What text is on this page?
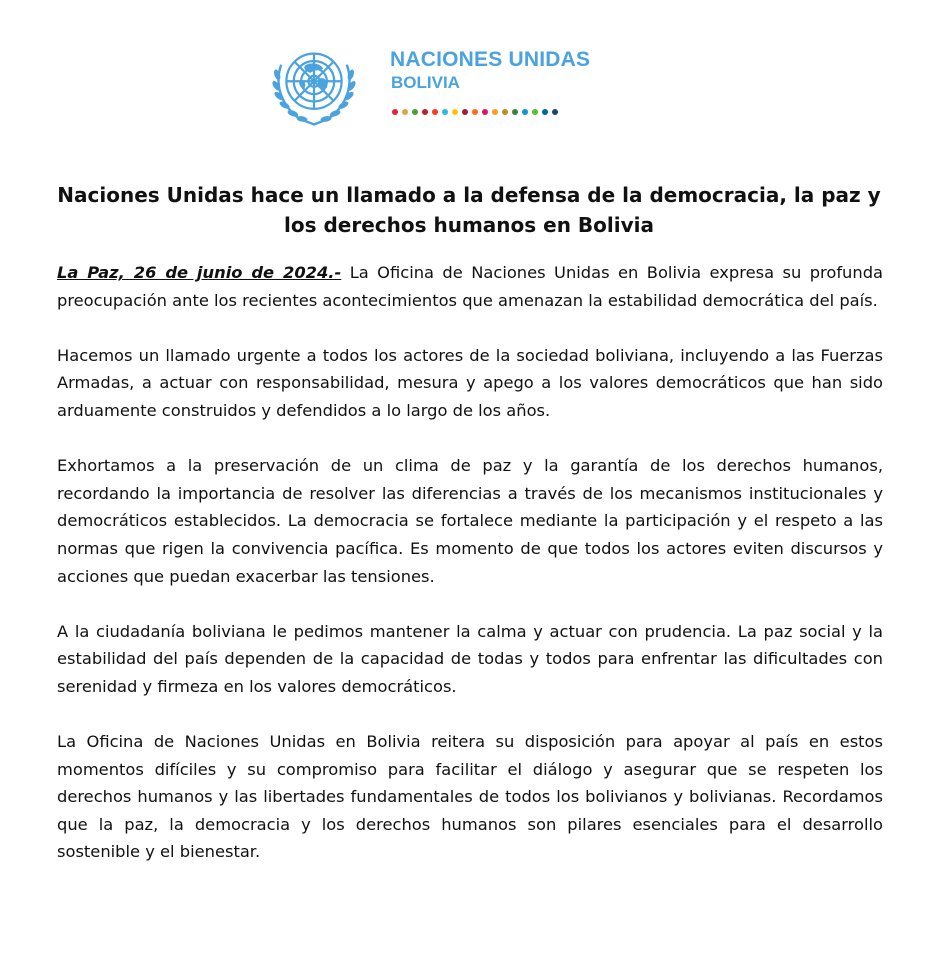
NACIONES UNIDAS
BOLIVIA
Naciones Unidas hace un llamado a la defensa de la democracia, la paz y los derechos humanos en Bolivia

La Paz, 26 de junio de 2024.- La Oficina de Naciones Unidas en Bolivia expresa su profunda preocupación ante los recientes acontecimientos que amenazan la estabilidad democrática del país.

Hacemos un llamado urgente a todos los actores de la sociedad boliviana, incluyendo a las Fuerzas Armadas, a actuar con responsabilidad, mesura y apego a los valores democráticos que han sido arduamente construidos y defendidos a lo largo de los años.

Exhortamos a la preservación de un clima de paz y la garantía de los derechos humanos, recordando la importancia de resolver las diferencias a través de los mecanismos institucionales y democráticos establecidos. La democracia se fortalece mediante la participación y el respeto a las normas que rigen la convivencia pacífica. Es momento de que todos los actores eviten discursos y acciones que puedan exacerbar las tensiones.

A la ciudadanía boliviana le pedimos mantener la calma y actuar con prudencia. La paz social y la estabilidad del país dependen de la capacidad de todas y todos para enfrentar las dificultades con serenidad y firmeza en los valores democráticos.

La Oficina de Naciones Unidas en Bolivia reitera su disposición para apoyar al país en estos momentos difíciles y su compromiso para facilitar el diálogo y asegurar que se respeten los derechos humanos y las libertades fundamentales de todos los bolivianos y bolivianas. Recordamos que la paz, la democracia y los derechos humanos son pilares esenciales para el desarrollo sostenible y el bienestar.
